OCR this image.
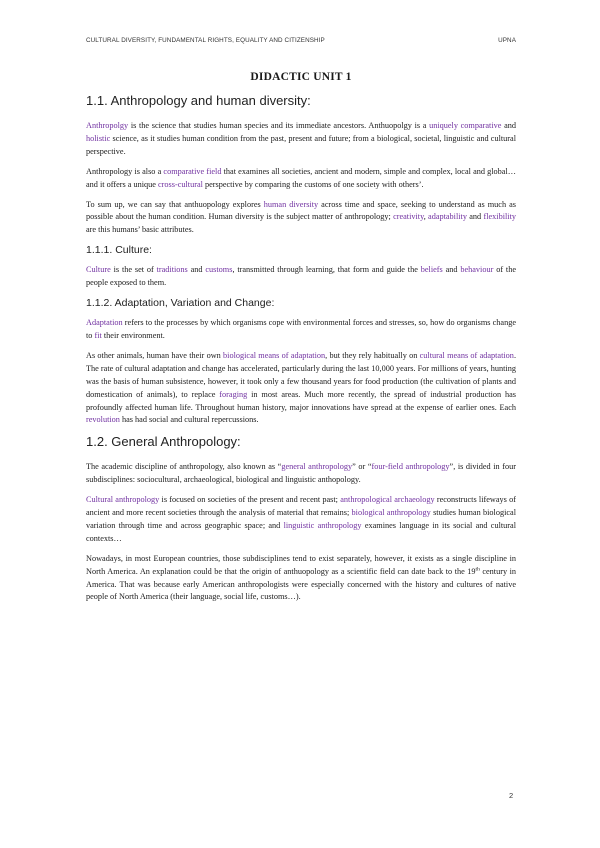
CULTURAL DIVERSITY, FUNDAMENTAL RIGHTS, EQUALITY AND CITIZENSHIP	UPNA
DIDACTIC UNIT 1
1.1. Anthropology and human diversity:

Anthropolgy is the science that studies human species and its immediate ancestors. Anthuopolgy is a uniquely comparative and holistic science, as it studies human condition from the past, present and future; from a biological, societal, linguistic and cultural perspective.

Anthropology is also a comparative field that examines all societies, ancient and modern, simple and complex, local and global… and it offers a unique cross-cultural perspective by comparing the customs of one society with others’.

To sum up, we can say that anthuopology explores human diversity across time and space, seeking to understand as much as possible about the human condition. Human diversity is the subject matter of anthropology; creativity, adaptability and flexibility are this humans’ basic attributes.

1.1.1. Culture:

Culture is the set of traditions and customs, transmitted through learning, that form and guide the beliefs and behaviour of the people exposed to them.

1.1.2. Adaptation, Variation and Change:

Adaptation refers to the processes by which organisms cope with environmental forces and stresses, so, how do organisms change to fit their environment.

As other animals, human have their own biological means of adaptation, but they rely habitually on cultural means of adaptation. The rate of cultural adaptation and change has accelerated, particularly during the last 10,000 years. For millions of years, hunting was the basis of human subsistence, however, it took only a few thousand years for food production (the cultivation of plants and domestication of animals), to replace foraging in most areas. Much more recently, the spread of industrial production has profoundly affected human life. Throughout human history, major innovations have spread at the expense of earlier ones. Each revolution has had social and cultural repercussions.

1.2. General Anthropology:

The academic discipline of anthropology, also known as “general anthropology” or “four-field anthropology”, is divided in four subdisciplines: sociocultural, archaeological, biological and linguistic anthopology.

Cultural anthropology is focused on societies of the present and recent past; anthropological archaeology reconstructs lifeways of ancient and more recent societies through the analysis of material that remains; biological anthropology studies human biological variation through time and across geographic space; and linguistic anthropology examines language in its social and cultural contexts…

Nowadays, in most European countries, those subdisciplines tend to exist separately, however, it exists as a single discipline in North America. An explanation could be that the origin of anthuopology as a scientific field can date back to the 19th century in America. That was because early American anthropologists were especially concerned with the history and cultures of native people of North America (their language, social life, customs…).

2
